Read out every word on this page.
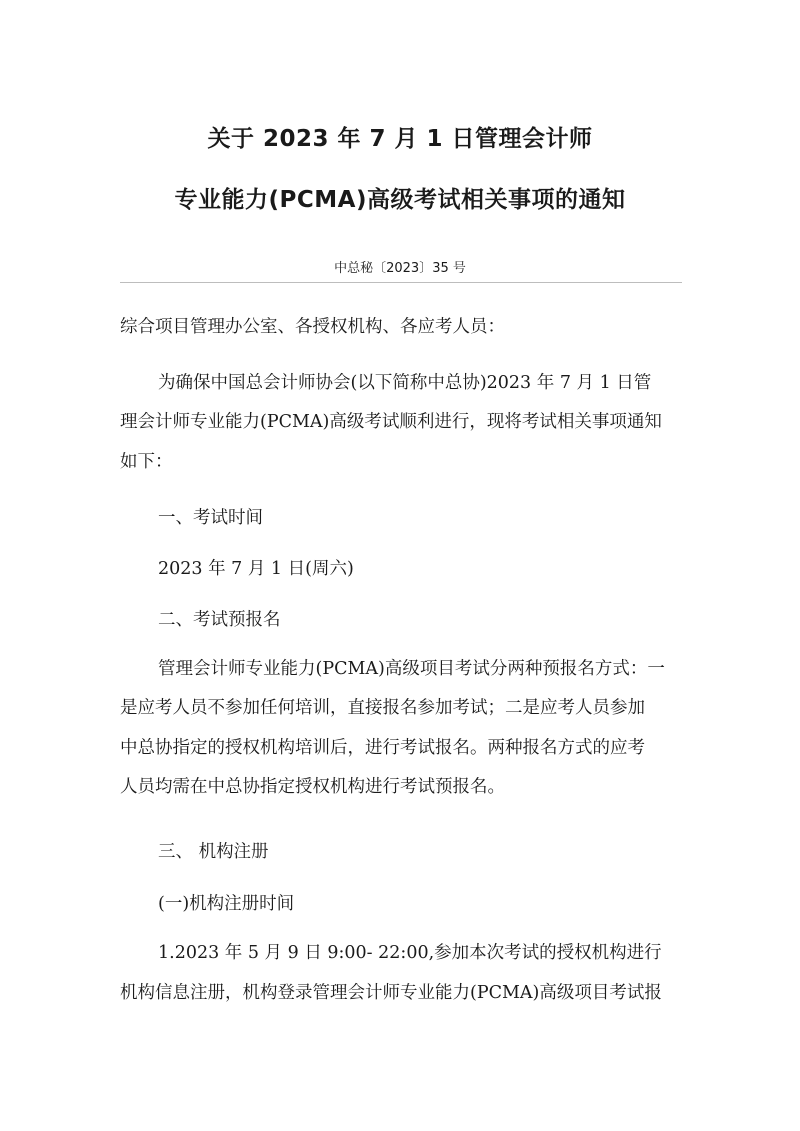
关于 2023 年 7 月 1 日管理会计师
专业能力(PCMA)高级考试相关事项的通知
中总秘〔2023〕35 号
综合项目管理办公室、各授权机构、各应考人员：
为确保中国总会计师协会(以下简称中总协)2023 年 7 月 1 日管
理会计师专业能力(PCMA)高级考试顺利进行，现将考试相关事项通知
如下：
一、考试时间
2023 年 7 月 1 日(周六)
二、考试预报名
管理会计师专业能力(PCMA)高级项目考试分两种预报名方式：一
是应考人员不参加任何培训，直接报名参加考试；二是应考人员参加
中总协指定的授权机构培训后，进行考试报名。两种报名方式的应考
人员均需在中总协指定授权机构进行考试预报名。
三、 机构注册
(一)机构注册时间
1.2023 年 5 月 9 日 9:00- 22:00,参加本次考试的授权机构进行
机构信息注册，机构登录管理会计师专业能力(PCMA)高级项目考试报
